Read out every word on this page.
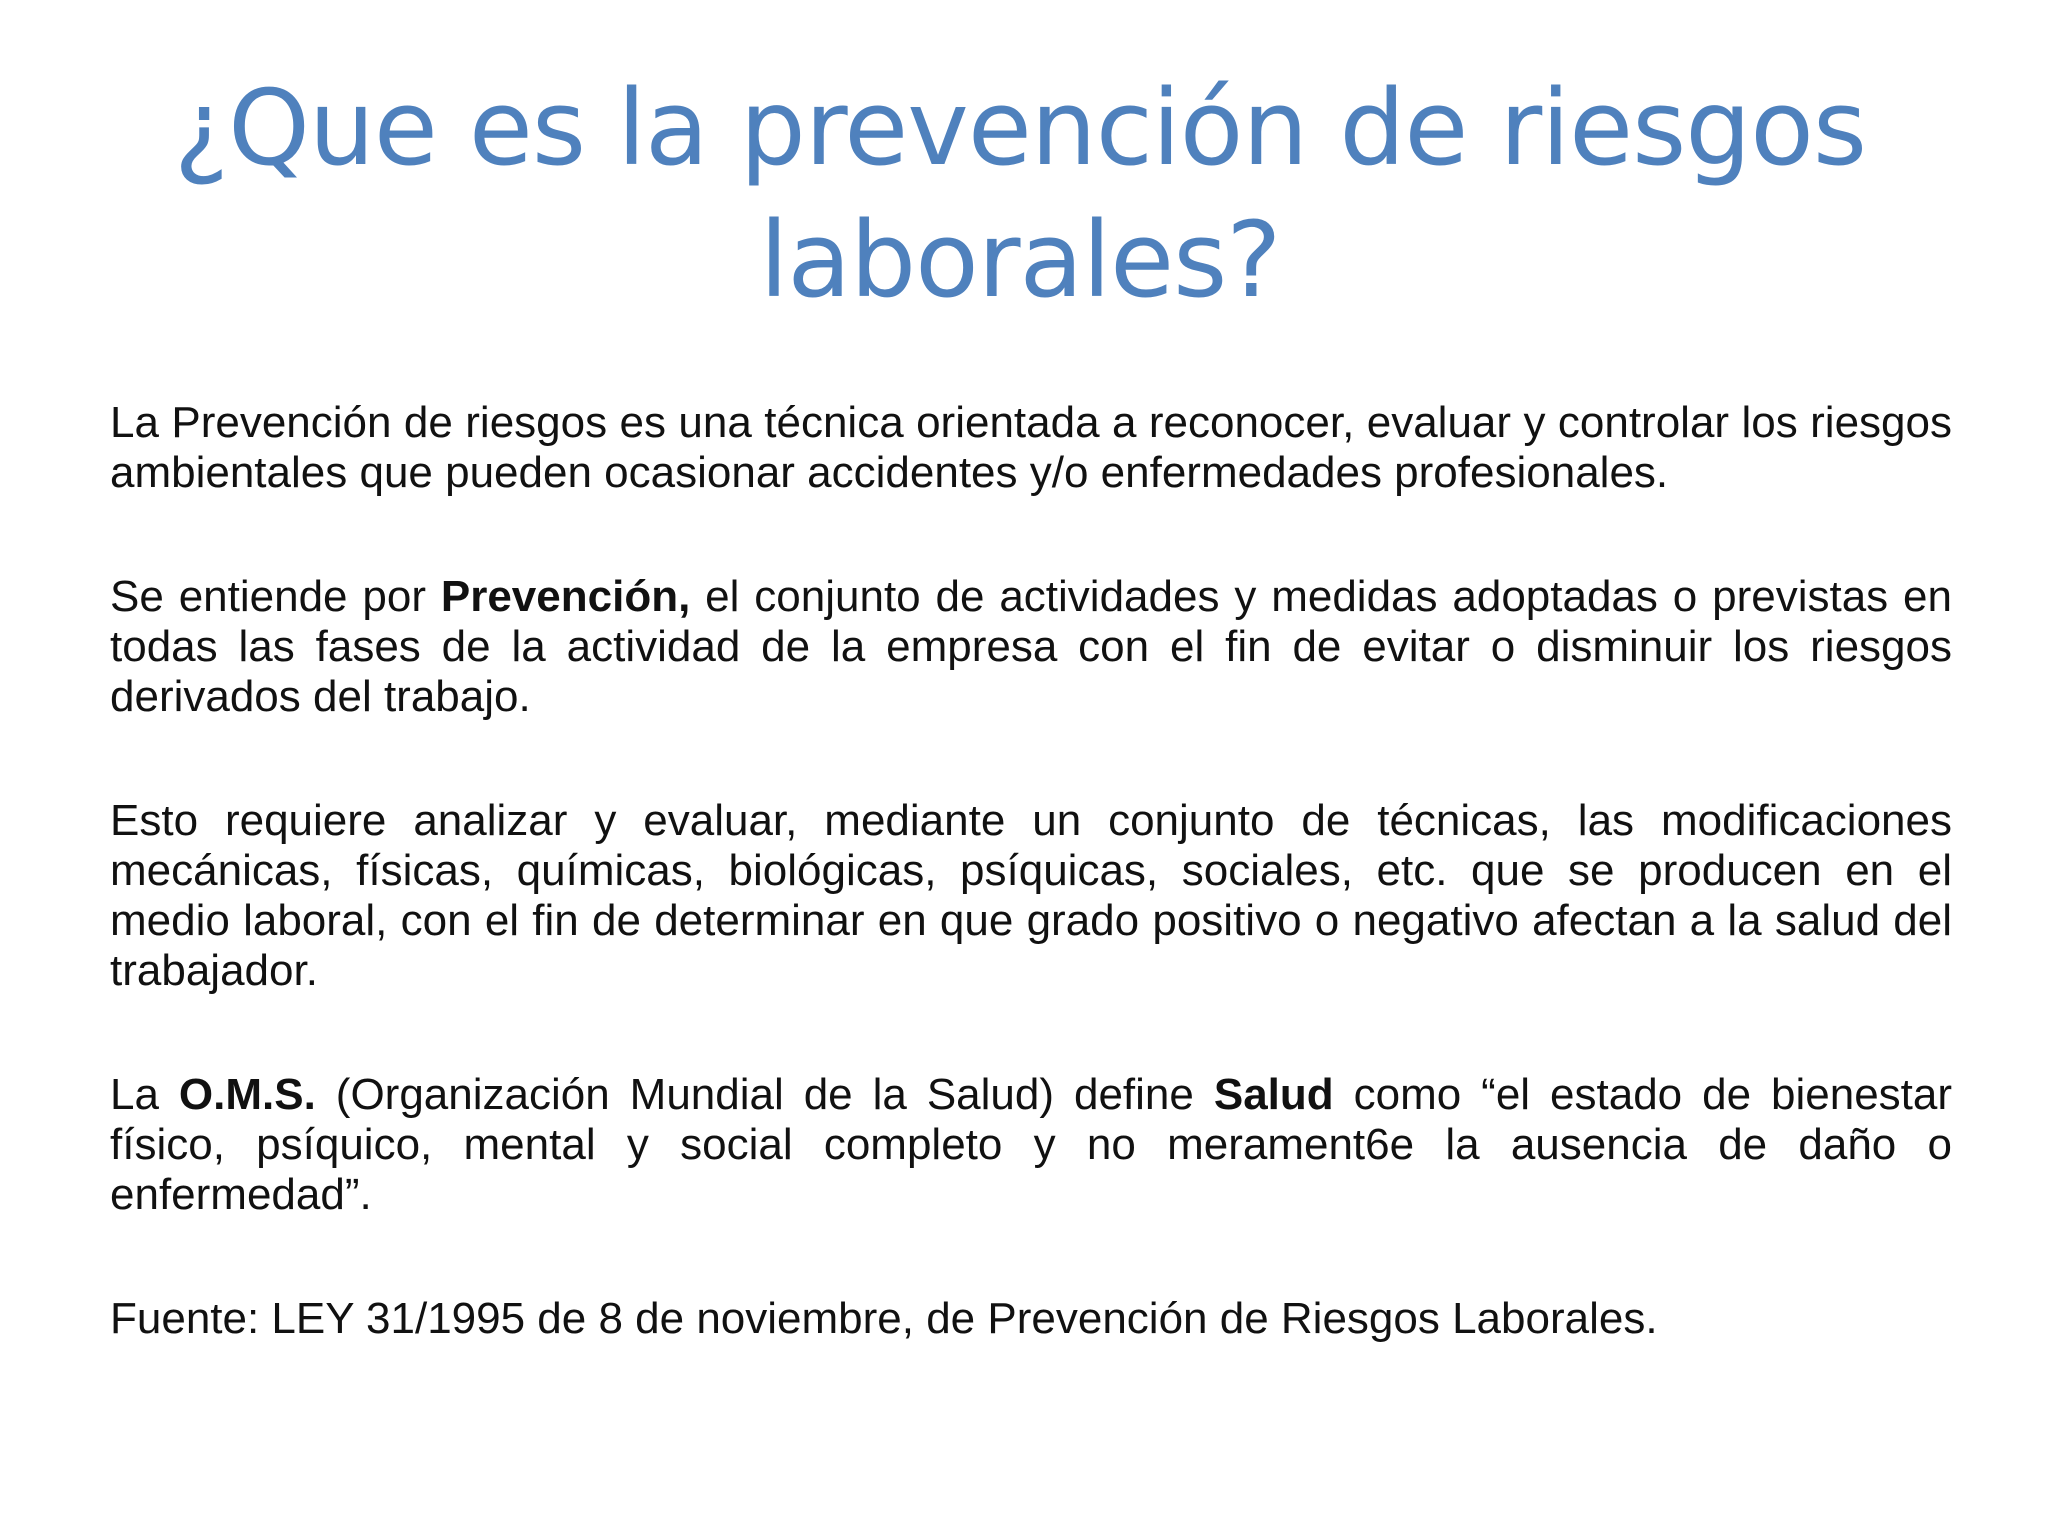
¿Que es la prevención de riesgos laborales?

La Prevención de riesgos es una técnica orientada a reconocer, evaluar y controlar los riesgos ambientales que pueden ocasionar accidentes y/o enfermedades profesionales.

Se entiende por Prevención, el conjunto de actividades y medidas adoptadas o previstas en todas las fases de la actividad de la empresa con el fin de evitar o disminuir los riesgos derivados del trabajo.

Esto requiere analizar y evaluar, mediante un conjunto de técnicas, las modificaciones mecánicas, físicas, químicas, biológicas, psíquicas, sociales, etc. que se producen en el medio laboral, con el fin de determinar en que grado positivo o negativo afectan a la salud del trabajador.

La O.M.S. (Organización Mundial de la Salud) define Salud como “el estado de bienestar físico, psíquico, mental y social completo y no merament6e la ausencia de daño o enfermedad”.

Fuente: LEY 31/1995 de 8 de noviembre, de Prevención de Riesgos Laborales.
